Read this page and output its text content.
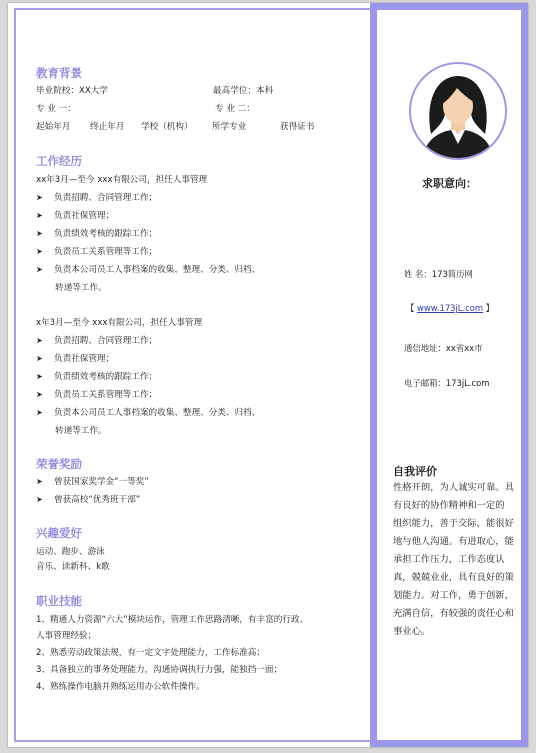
教育背景
毕业院校：XX大学	最高学位：本科
专 业 一：	专 业 二：
起始年月 终止年月 学校（机构） 所学专业	获得证书
工作经历
xx年3月—至今 xxx有限公司，担任人事管理
➤ 负责招聘、合同管理工作；
➤ 负责社保管理；
➤ 负责绩效考核的跟踪工作；
➤ 负责员工关系管理等工作；
➤ 负责本公司员工人事档案的收集、整理、分类、归档、
转递等工作。
x年3月—至今 xxx有限公司，担任人事管理
➤ 负责招聘、合同管理工作；
➤ 负责社保管理；
➤ 负责绩效考核的跟踪工作；
➤ 负责员工关系管理等工作；
➤ 负责本公司员工人事档案的收集、整理、分类、归档、
转递等工作。
荣誉奖励
➤ 曾获国家奖学金“一等奖”
➤ 曾获高校“优秀班干部”
兴趣爱好
运动、跑步、游泳
音乐、读新科、k歌
职业技能
1、精通人力资源“六大”模块运作，管理工作思路清晰，有丰富的行政、
人事管理经验；
2、熟悉劳动政策法规，有一定文字处理能力，工作标准高；
3、具备独立的事务处理能力，沟通协调执行力强，能独挡一面；
4、熟练操作电脑并熟练运用办公软件操作。
求职意向：
姓 名：173简历网
【 www.173jL.com 】
通信地址：xx省xx市
电子邮箱：173jL.com
自我评价
性格开朗，为人诚实可靠。具
有良好的协作精神和一定的
组织能力，善于交际，能很好
地与他人沟通。有进取心，能
承担工作压力，工作态度认
真，兢兢业业，具有良好的策
划能力。对工作，勇于创新，
充满自信，有较强的责任心和
事业心。
